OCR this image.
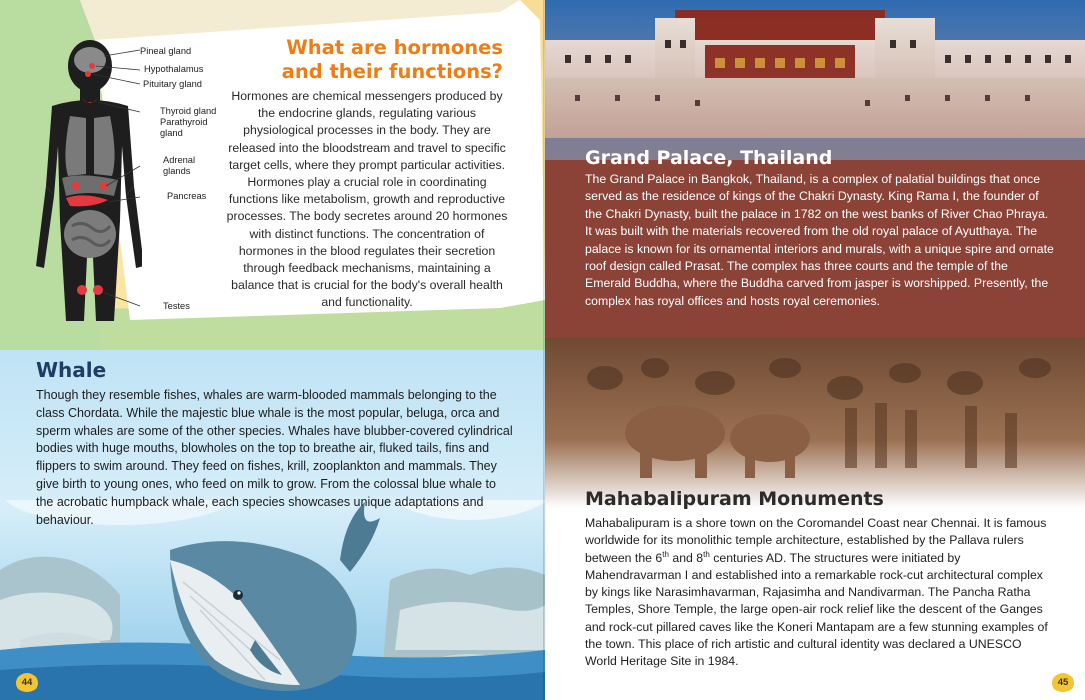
Pineal gland
Hypothalamus
Pituitary gland
Thyroid gland
Parathyroid gland
Adrenal glands
Pancreas
Testes
What are hormones and their functions?

Hormones are chemical messengers produced by the endocrine glands, regulating various physiological processes in the body. They are released into the bloodstream and travel to specific target cells, where they prompt particular activities. Hormones play a crucial role in coordinating functions like metabolism, growth and reproductive processes. The body secretes around 20 hormones with distinct functions. The concentration of hormones in the blood regulates their secretion through feedback mechanisms, maintaining a balance that is crucial for the body's overall health and functionality.

Whale

Though they resemble fishes, whales are warm-blooded mammals belonging to the class Chordata. While the majestic blue whale is the most popular, beluga, orca and sperm whales are some of the other species. Whales have blubber-covered cylindrical bodies with huge mouths, blowholes on the top to breathe air, fluked tails, fins and flippers to swim around. They feed on fishes, krill, zooplankton and mammals. They give birth to young ones, who feed on milk to grow. From the colossal blue whale to the acrobatic humpback whale, each species showcases unique adaptations and behaviour.

44
Grand Palace, Thailand

The Grand Palace in Bangkok, Thailand, is a complex of palatial buildings that once served as the residence of kings of the Chakri Dynasty. King Rama I, the founder of the Chakri Dynasty, built the palace in 1782 on the west banks of River Chao Phraya. It was built with the materials recovered from the old royal palace of Ayutthaya. The palace is known for its ornamental interiors and murals, with a unique spire and ornate roof design called Prasat. The complex has three courts and the temple of the Emerald Buddha, where the Buddha carved from jasper is worshipped. Presently, the complex has royal offices and hosts royal ceremonies.

Mahabalipuram Monuments

Mahabalipuram is a shore town on the Coromandel Coast near Chennai. It is famous worldwide for its monolithic temple architecture, established by the Pallava rulers between the 6th and 8th centuries AD. The structures were initiated by Mahendravarman I and established into a remarkable rock-cut architectural complex by kings like Narasimhavarman, Rajasimha and Nandivarman. The Pancha Ratha Temples, Shore Temple, the large open-air rock relief like the descent of the Ganges and rock-cut pillared caves like the Koneri Mantapam are a few stunning examples of the town. This place of rich artistic and cultural identity was declared a UNESCO World Heritage Site in 1984.

45
